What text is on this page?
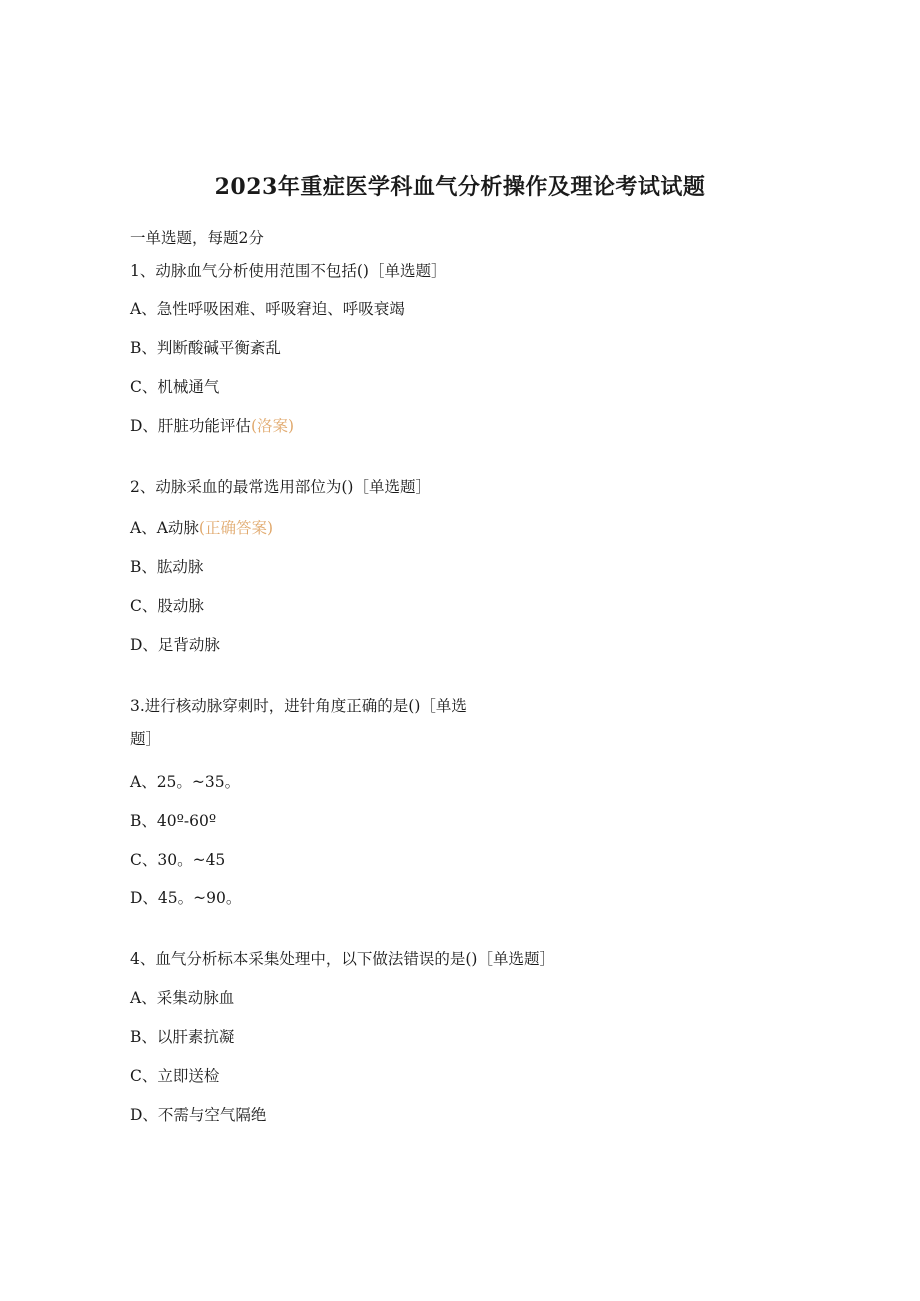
2023年重症医学科血气分析操作及理论考试试题
一单选题，每题2分
1、动脉血气分析使用范围不包括()［单选题］
A、急性呼吸困难、呼吸窘迫、呼吸衰竭
B、判断酸碱平衡紊乱
C、机械通气
D、肝脏功能评估(洛案)
2、动脉采血的最常选用部位为()［单选题］
A、A动脉(正确答案)
B、肱动脉
C、股动脉
D、足背动脉
3.进行核动脉穿刺时，进针角度正确的是()［单选
题］
A、25。~35。
B、40º-60º
C、30。~45
D、45。~90。
4、血气分析标本采集处理中，以下做法错误的是()［单选题］
A、采集动脉血
B、以肝素抗凝
C、立即送检
D、不需与空气隔绝
